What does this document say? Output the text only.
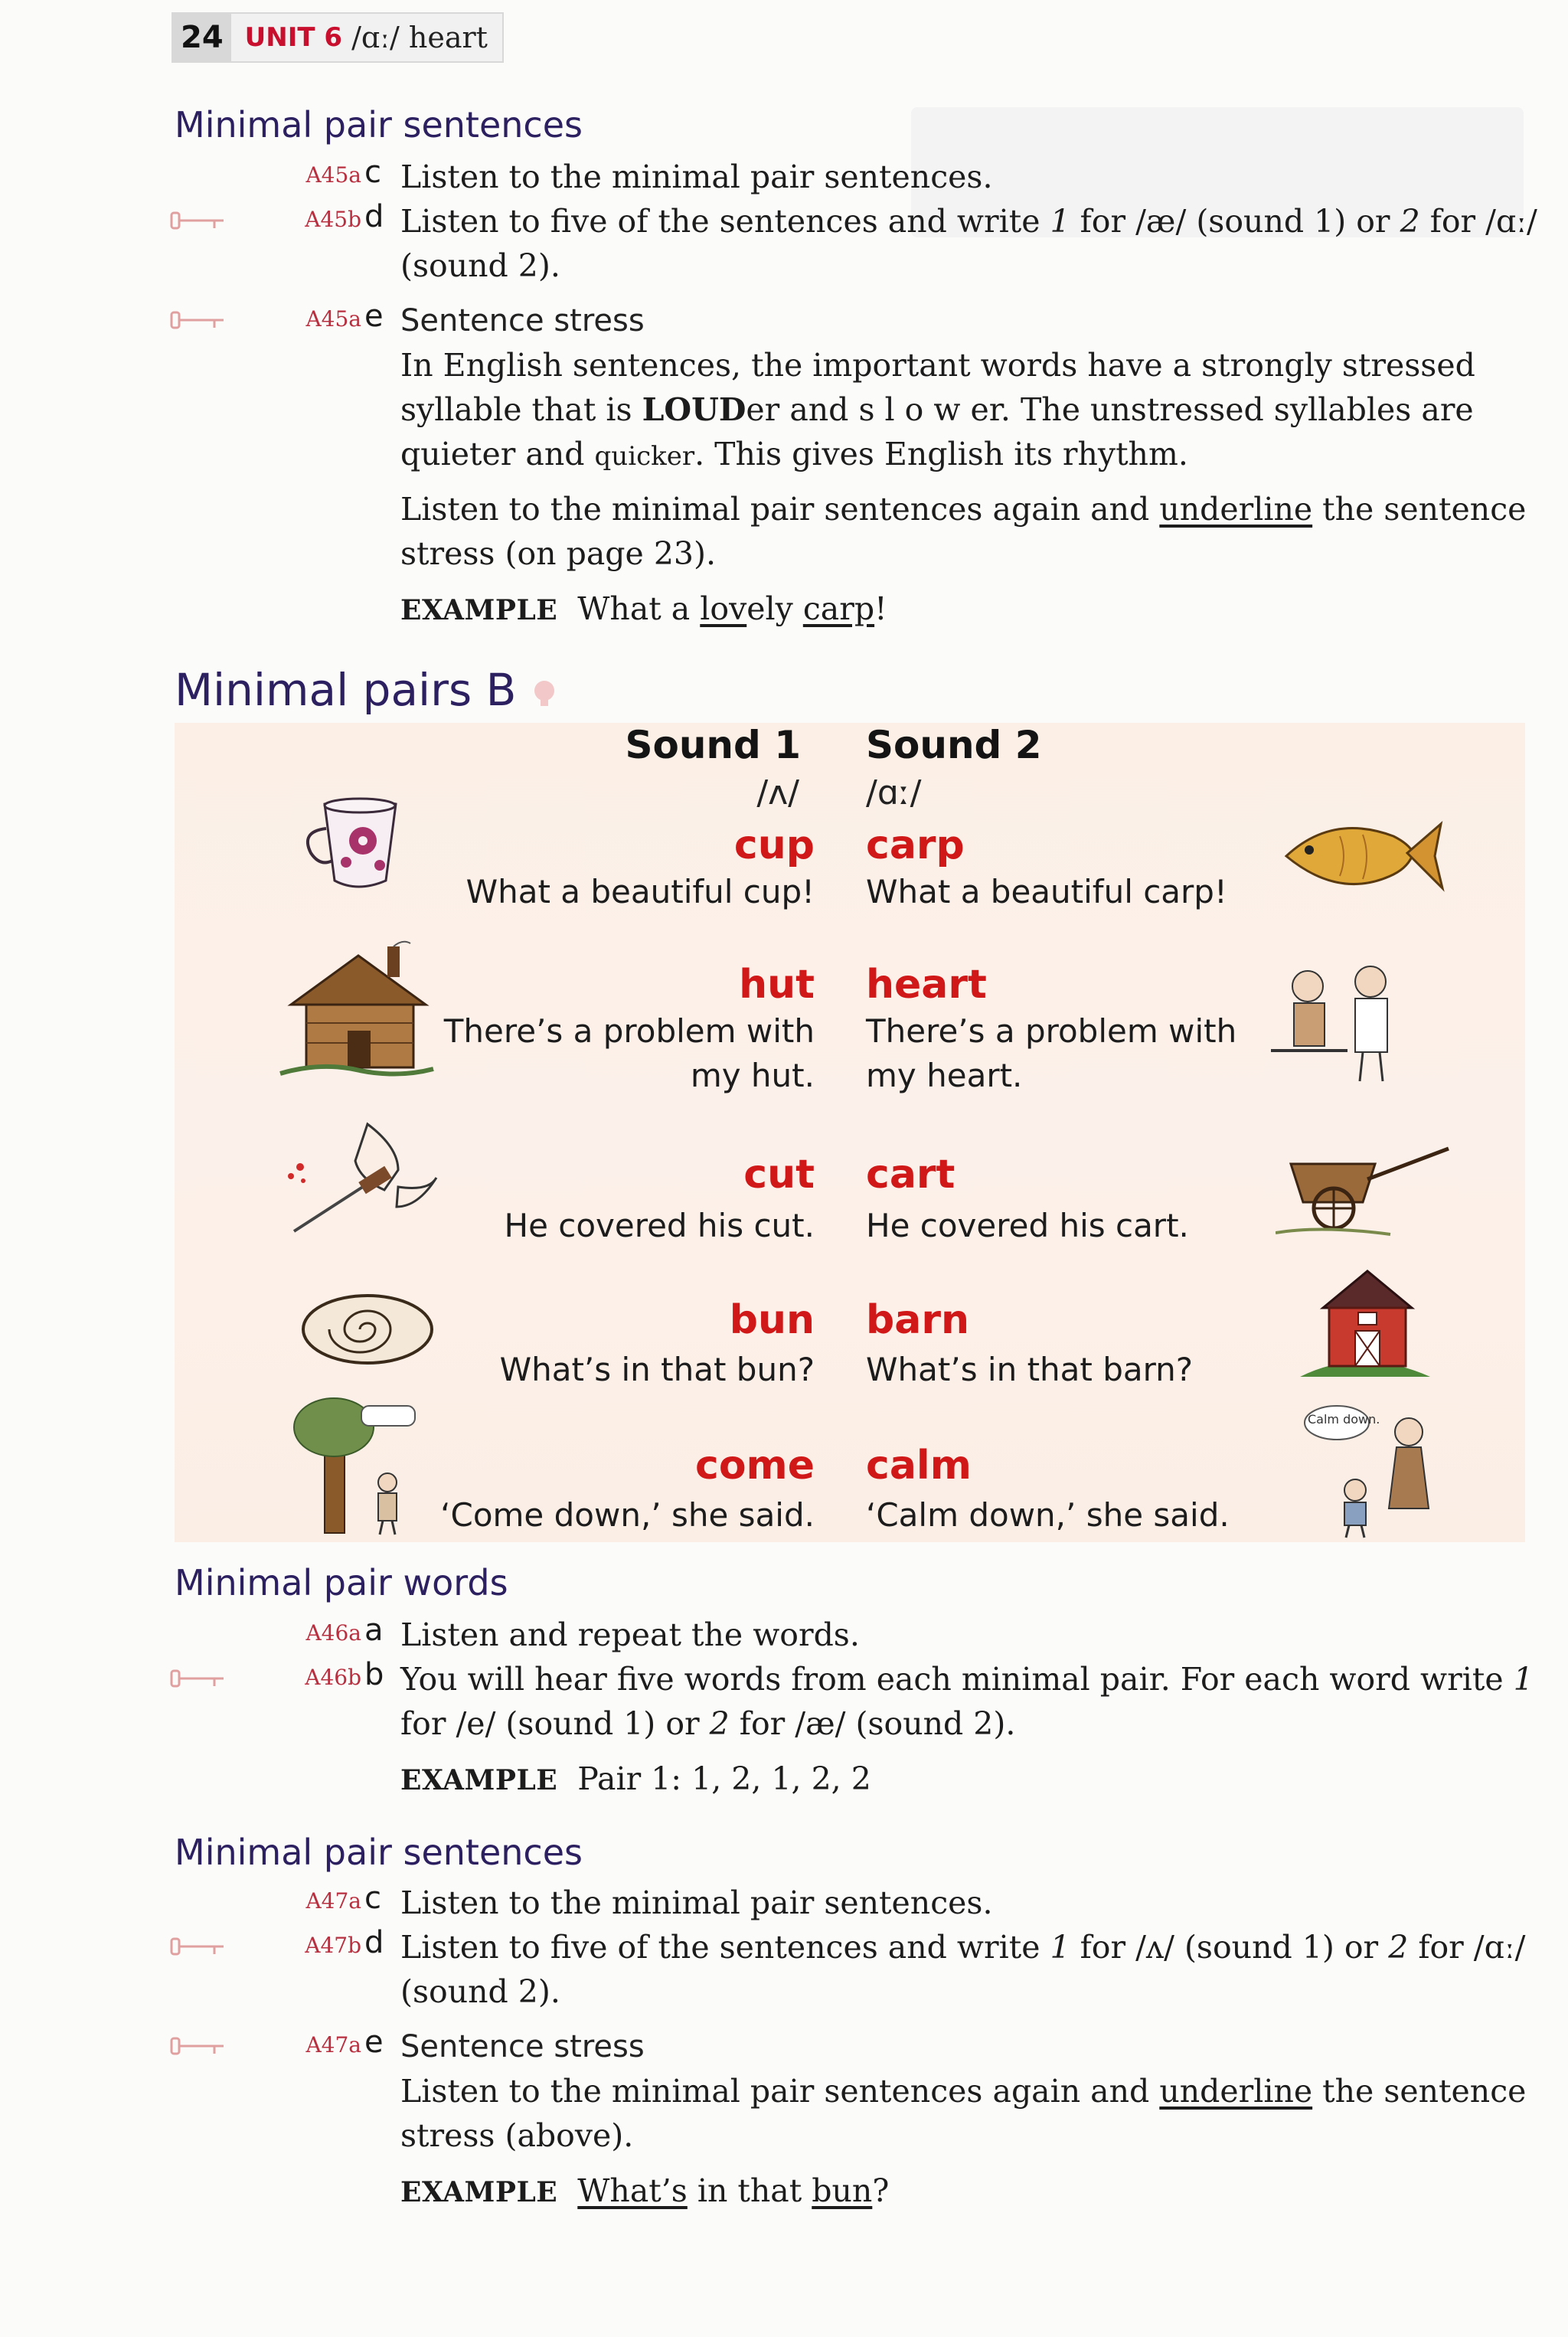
24 UNIT 6 /ɑː/ heart
Minimal pair sentences
A45a c Listen to the minimal pair sentences.
A45b d Listen to five of the sentences and write 1 for /æ/ (sound 1) or 2 for /ɑː/
(sound 2).
A45a e Sentence stress

In English sentences, the important words have a strongly stressed
syllable that is LOUDer and s l o w er. The unstressed syllables are
quieter and quicker. This gives English its rhythm.

Listen to the minimal pair sentences again and underline the sentence
stress (on page 23).

EXAMPLE What a lovely carp!

Minimal pairs B
Sound 1
/ʌ/
Sound 2
/ɑː/
cup
What a beautiful cup!
carp
What a beautiful carp!
hut
There’s a problem with
my hut.
heart
There’s a problem with
my heart.
cut
He covered his cut.
cart
He covered his cart.
bun
What’s in that bun?
barn
What’s in that barn?
come
‘Come down,’ she said.
calm
‘Calm down,’ she said.
Calm down.
Minimal pair words
A46a a Listen and repeat the words.
A46b b You will hear five words from each minimal pair. For each word write 1
for /e/ (sound 1) or 2 for /æ/ (sound 2).

EXAMPLE Pair 1: 1, 2, 1, 2, 2

Minimal pair sentences
A47a c Listen to the minimal pair sentences.
A47b d Listen to five of the sentences and write 1 for /ʌ/ (sound 1) or 2 for /ɑː/
(sound 2).
A47a e Sentence stress

Listen to the minimal pair sentences again and underline the sentence
stress (above).

EXAMPLE What’s in that bun?
